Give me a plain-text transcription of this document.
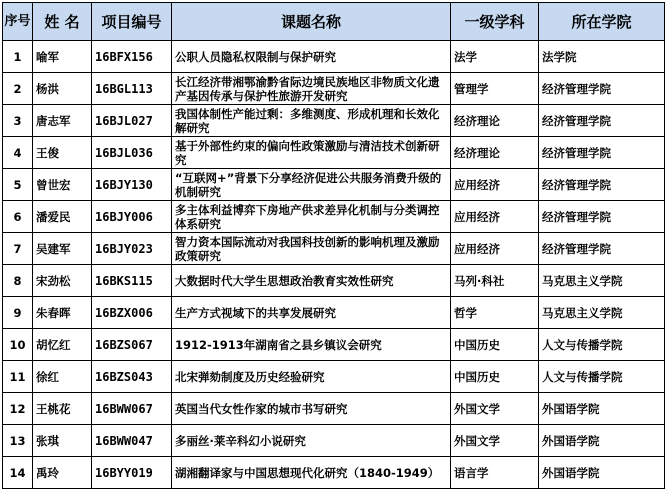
序号	姓 名	项目编号	课题名称	一级学科	所在学院
1	喻军	16BFX156	公职人员隐私权限制与保护研究	法学	法学院
2	杨洪	16BGL113	长江经济带湘鄂渝黔省际边境民族地区非物质文化遗产基因传承与保护性旅游开发研究	管理学	经济管理学院
3	唐志军	16BJL027	我国体制性产能过剩：多维测度、形成机理和长效化解研究	经济理论	经济管理学院
4	王俊	16BJL036	基于外部性约束的偏向性政策激励与清洁技术创新研究	经济理论	经济管理学院
5	曾世宏	16BJY130	“互联网+”背景下分享经济促进公共服务消费升级的机制研究	应用经济	经济管理学院
6	潘爱民	16BJY006	多主体利益博弈下房地产供求差异化机制与分类调控体系研究	应用经济	经济管理学院
7	吴建军	16BJY023	智力资本国际流动对我国科技创新的影响机理及激励政策研究	应用经济	经济管理学院
8	宋劲松	16BKS115	大数据时代大学生思想政治教育实效性研究	马列·科社	马克思主义学院
9	朱春晖	16BZX006	生产方式视域下的共享发展研究	哲学	马克思主义学院
10	胡忆红	16BZS067	1912-1913年湖南省之县乡镇议会研究	中国历史	人文与传播学院
11	徐红	16BZS043	北宋弹劾制度及历史经验研究	中国历史	人文与传播学院
12	王桃花	16BWW067	英国当代女性作家的城市书写研究	外国文学	外国语学院
13	张琪	16BWW047	多丽丝·莱辛科幻小说研究	外国文学	外国语学院
14	禹玲	16BYY019	湖湘翻译家与中国思想现代化研究（1840-1949）	语言学	外国语学院
